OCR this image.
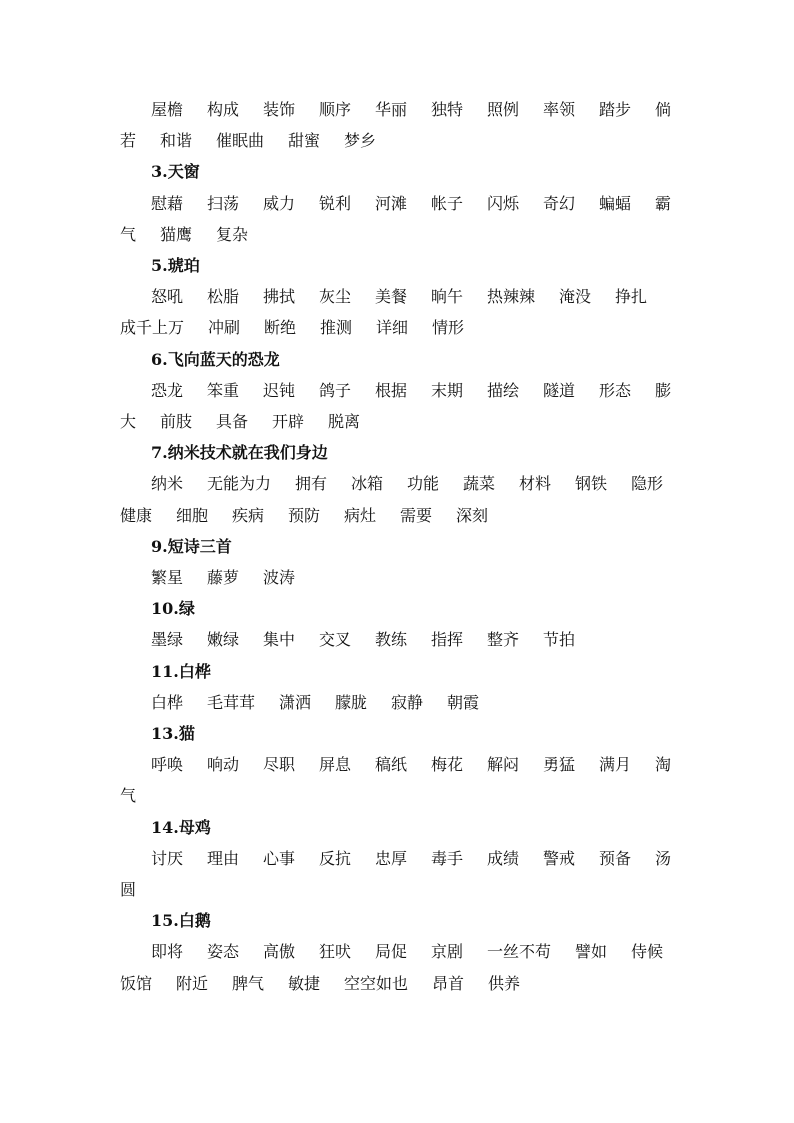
屋檐 构成 装饰 顺序 华丽 独特 照例 率领 踏步 倘
若 和谐 催眠曲 甜蜜 梦乡
3.天窗
慰藉 扫荡 威力 锐利 河滩 帐子 闪烁 奇幻 蝙蝠 霸
气 猫鹰 复杂
5.琥珀
怒吼 松脂 拂拭 灰尘 美餐 晌午 热辣辣 淹没 挣扎
成千上万 冲刷 断绝 推测 详细 情形
6.飞向蓝天的恐龙
恐龙 笨重 迟钝 鸽子 根据 末期 描绘 隧道 形态 膨
大 前肢 具备 开辟 脱离
7.纳米技术就在我们身边
纳米 无能为力 拥有 冰箱 功能 蔬菜 材料 钢铁 隐形
健康 细胞 疾病 预防 病灶 需要 深刻
9.短诗三首
繁星 藤萝 波涛
10.绿
墨绿 嫩绿 集中 交叉 教练 指挥 整齐 节拍
11.白桦
白桦 毛茸茸 潇洒 朦胧 寂静 朝霞
13.猫
呼唤 响动 尽职 屏息 稿纸 梅花 解闷 勇猛 满月 淘
气
14.母鸡
讨厌 理由 心事 反抗 忠厚 毒手 成绩 警戒 预备 汤
圆
15.白鹅
即将 姿态 高傲 狂吠 局促 京剧 一丝不苟 譬如 侍候
饭馆 附近 脾气 敏捷 空空如也 昂首 供养
